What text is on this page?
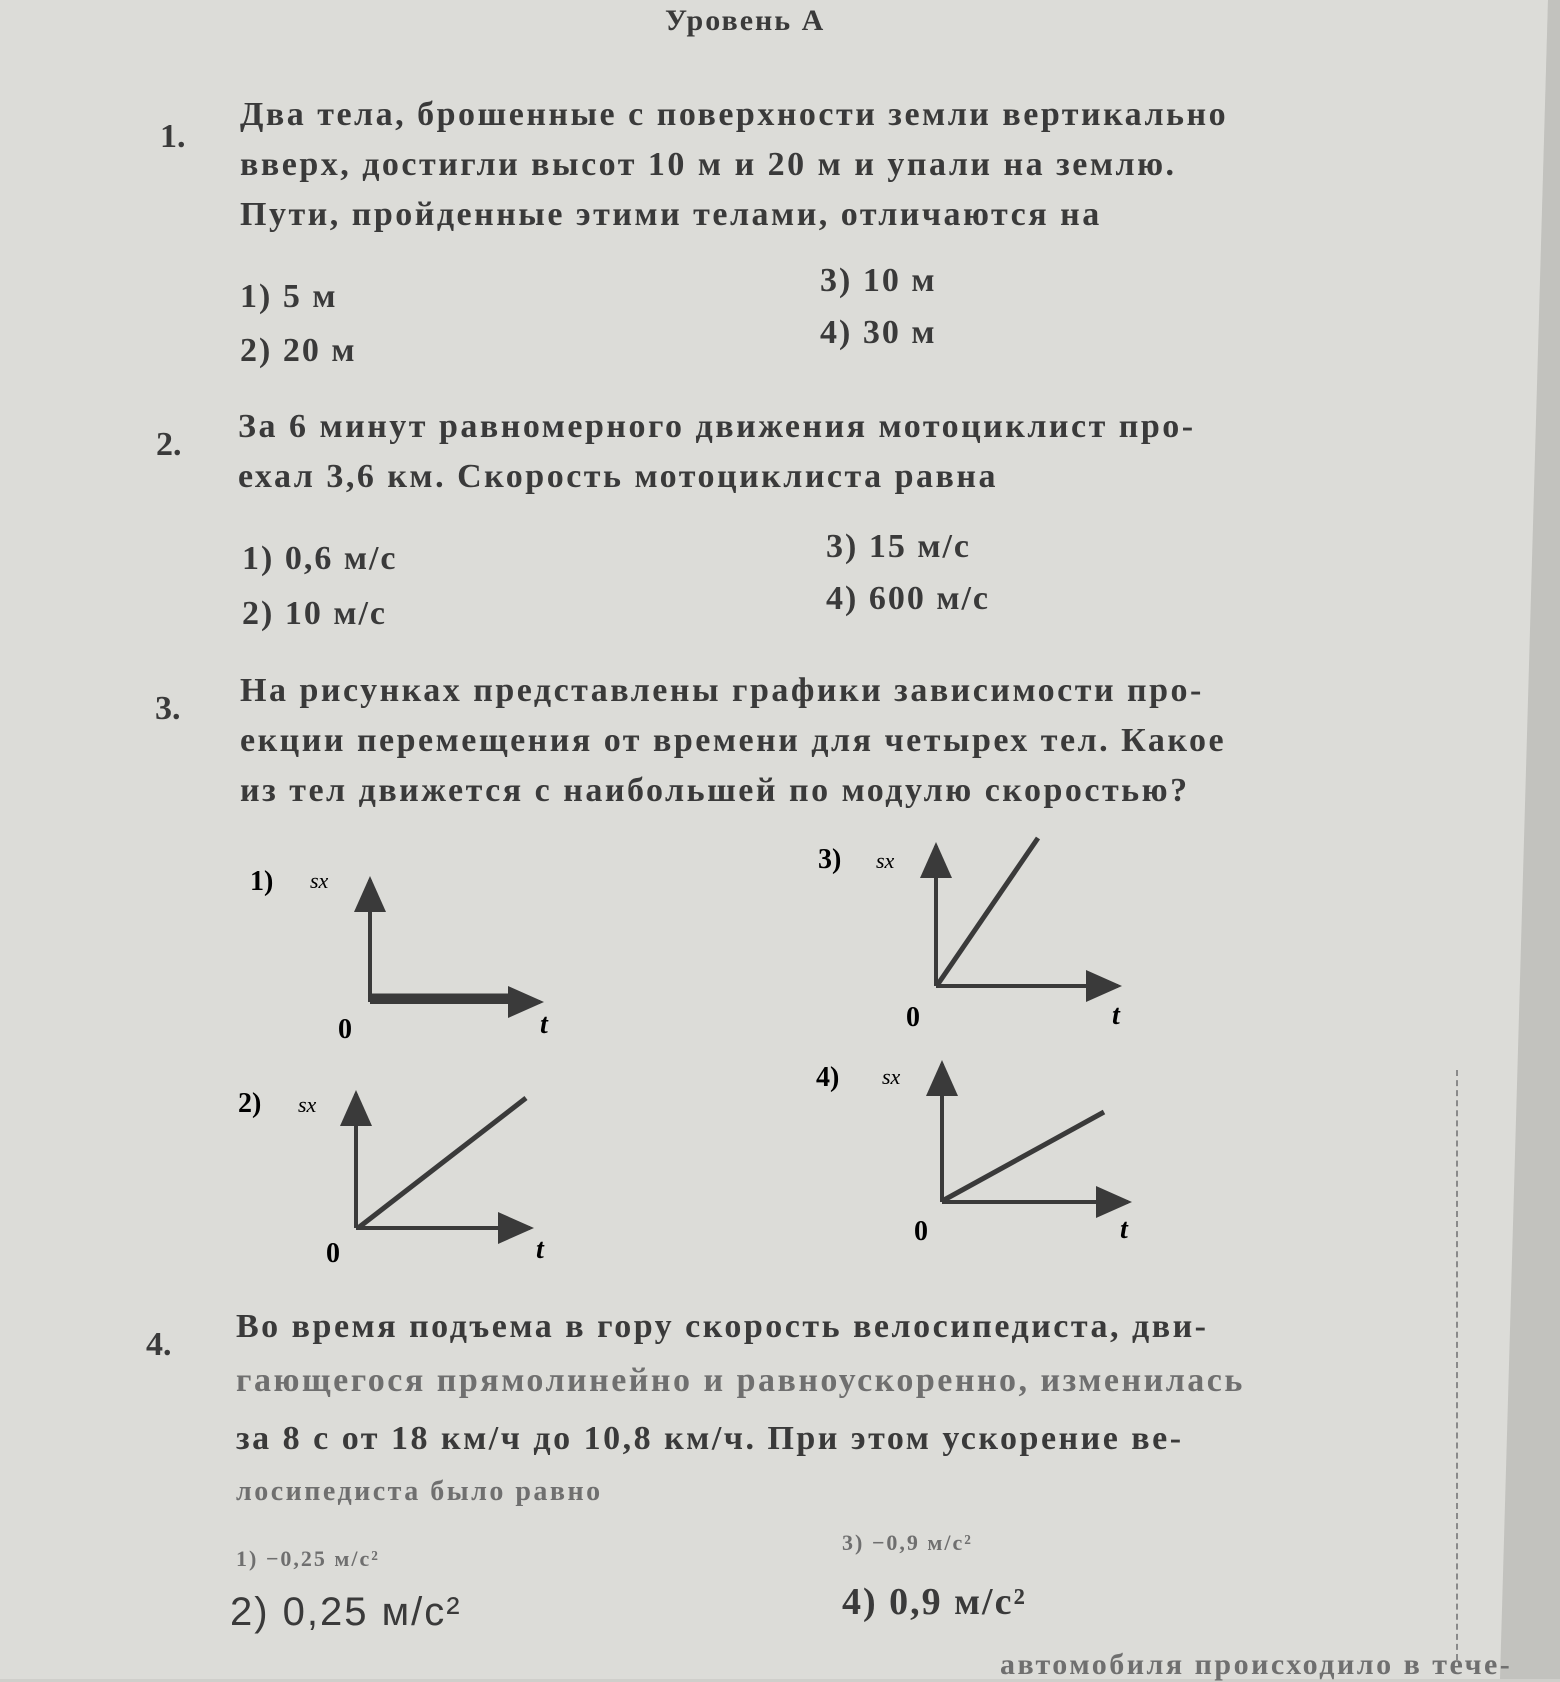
Уровень А
1.
Два тела, брошенные с поверхности земли вертикально
вверх, достигли высот 10 м и 20 м и упали на землю.
Пути, пройденные этими телами, отличаются на
1) 5 м
2) 20 м
3) 10 м
4) 30 м
2. За 6 минут равномерного движения мотоциклист про-
ехал 3,6 км. Скорость мотоциклиста равна
1) 0,6 м/с
2) 10 м/с
3) 15 м/с
4) 600 м/с
3. На рисунках представлены графики зависимости про-
екции перемещения от времени для четырех тел. Какое
из тел движется с наибольшей по модулю скоростью?
1) sx
0	t
2) sx
0	t
3) sx
0	t
4) sx
0	t
4. Во время подъема в гору скорость велосипедиста, дви-
гающегося прямолинейно и равноускоренно, изменилась
за 8 с от 18 км/ч до 10,8 км/ч. При этом ускорение ве-
лосипедиста было равно
1) −0,25 м/с²
2) 0,25 м/с²
3) −0,9 м/с²
4) 0,9 м/с²
автомобиля происходило в тече-
